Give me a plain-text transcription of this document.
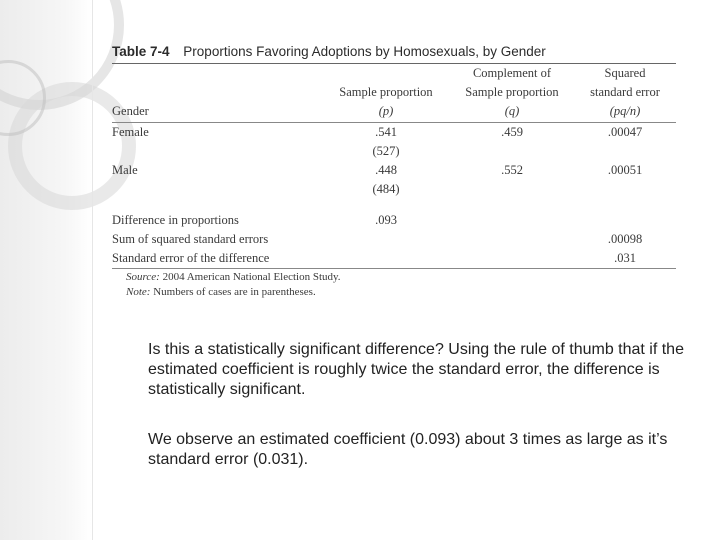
Table 7-4 Proportions Favoring Adoptions by Homosexuals, by Gender
		Complement of	Squared
	Sample proportion	Sample proportion	standard error
Gender	(p)	(q)	(pq/n)
Female	.541	.459	.00047
	(527)		
Male	.448	.552	.00051
	(484)		

Difference in proportions	.093		
Sum of squared standard errors			.00098
Standard error of the difference			.031
Source: 2004 American National Election Study.
Note: Numbers of cases are in parentheses.
Is this a statistically significant difference? Using the rule of thumb that if the estimated coefficient is roughly twice the standard error, the difference is statistically significant.
We observe an estimated coefficient (0.093) about 3 times as large as it’s standard error (0.031).
